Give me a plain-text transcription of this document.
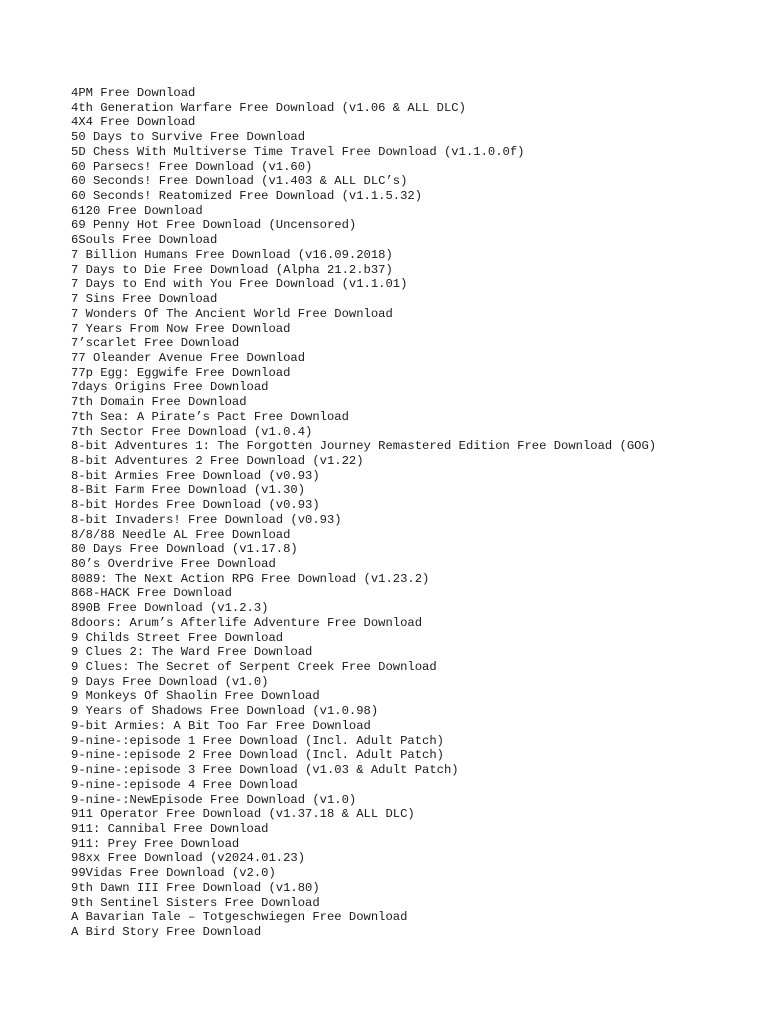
4PM Free Download
4th Generation Warfare Free Download (v1.06 & ALL DLC)
4X4 Free Download
50 Days to Survive Free Download
5D Chess With Multiverse Time Travel Free Download (v1.1.0.0f)
60 Parsecs! Free Download (v1.60)
60 Seconds! Free Download (v1.403 & ALL DLC’s)
60 Seconds! Reatomized Free Download (v1.1.5.32)
6120 Free Download
69 Penny Hot Free Download (Uncensored)
6Souls Free Download
7 Billion Humans Free Download (v16.09.2018)
7 Days to Die Free Download (Alpha 21.2.b37)
7 Days to End with You Free Download (v1.1.01)
7 Sins Free Download
7 Wonders Of The Ancient World Free Download
7 Years From Now Free Download
7’scarlet Free Download
77 Oleander Avenue Free Download
77p Egg: Eggwife Free Download
7days Origins Free Download
7th Domain Free Download
7th Sea: A Pirate’s Pact Free Download
7th Sector Free Download (v1.0.4)
8-bit Adventures 1: The Forgotten Journey Remastered Edition Free Download (GOG)
8-bit Adventures 2 Free Download (v1.22)
8-bit Armies Free Download (v0.93)
8-Bit Farm Free Download (v1.30)
8-bit Hordes Free Download (v0.93)
8-bit Invaders! Free Download (v0.93)
8/8/88 Needle AL Free Download
80 Days Free Download (v1.17.8)
80’s Overdrive Free Download
8089: The Next Action RPG Free Download (v1.23.2)
868-HACK Free Download
890B Free Download (v1.2.3)
8doors: Arum’s Afterlife Adventure Free Download
9 Childs Street Free Download
9 Clues 2: The Ward Free Download
9 Clues: The Secret of Serpent Creek Free Download
9 Days Free Download (v1.0)
9 Monkeys Of Shaolin Free Download
9 Years of Shadows Free Download (v1.0.98)
9-bit Armies: A Bit Too Far Free Download
9-nine-:episode 1 Free Download (Incl. Adult Patch)
9-nine-:episode 2 Free Download (Incl. Adult Patch)
9-nine-:episode 3 Free Download (v1.03 & Adult Patch)
9-nine-:episode 4 Free Download
9-nine-:NewEpisode Free Download (v1.0)
911 Operator Free Download (v1.37.18 & ALL DLC)
911: Cannibal Free Download
911: Prey Free Download
98xx Free Download (v2024.01.23)
99Vidas Free Download (v2.0)
9th Dawn III Free Download (v1.80)
9th Sentinel Sisters Free Download
A Bavarian Tale – Totgeschwiegen Free Download
A Bird Story Free Download
